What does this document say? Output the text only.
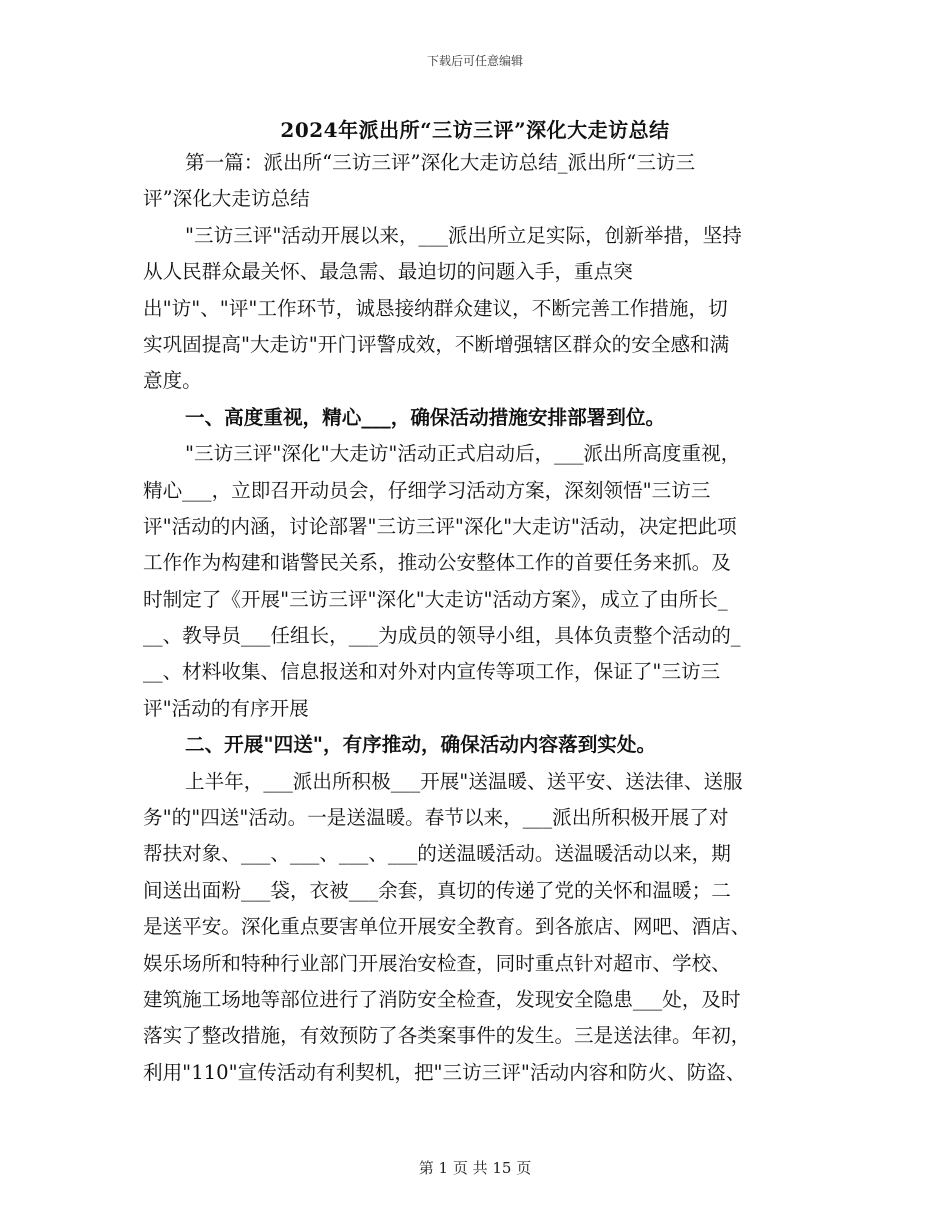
下载后可任意编辑
2024年派出所“三访三评”深化大走访总结
第一篇：派出所“三访三评”深化大走访总结_派出所“三访三
评”深化大走访总结
"三访三评"活动开展以来，___派出所立足实际，创新举措，坚持
从人民群众最关怀、最急需、最迫切的问题入手，重点突
出"访"、"评"工作环节，诚恳接纳群众建议，不断完善工作措施，切
实巩固提高"大走访"开门评警成效，不断增强辖区群众的安全感和满
意度。
一、高度重视，精心___，确保活动措施安排部署到位。
"三访三评"深化"大走访"活动正式启动后，___派出所高度重视，
精心___，立即召开动员会，仔细学习活动方案，深刻领悟"三访三
评"活动的内涵，讨论部署"三访三评"深化"大走访"活动，决定把此项
工作作为构建和谐警民关系，推动公安整体工作的首要任务来抓。及
时制定了《开展"三访三评"深化"大走访"活动方案》，成立了由所长_
__、教导员___任组长，___为成员的领导小组，具体负责整个活动的_
__、材料收集、信息报送和对外对内宣传等项工作，保证了"三访三
评"活动的有序开展
二、开展"四送"，有序推动，确保活动内容落到实处。
上半年，___派出所积极___开展"送温暖、送平安、送法律、送服
务"的"四送"活动。一是送温暖。春节以来，___派出所积极开展了对
帮扶对象、___、___、___、___的送温暖活动。送温暖活动以来，期
间送出面粉___袋，衣被___余套，真切的传递了党的关怀和温暖；二
是送平安。深化重点要害单位开展安全教育。到各旅店、网吧、酒店、
娱乐场所和特种行业部门开展治安检查，同时重点针对超市、学校、
建筑施工场地等部位进行了消防安全检查，发现安全隐患___处，及时
落实了整改措施，有效预防了各类案事件的发生。三是送法律。年初，
利用"110"宣传活动有利契机，把"三访三评"活动内容和防火、防盗、
第 1 页 共 15 页
